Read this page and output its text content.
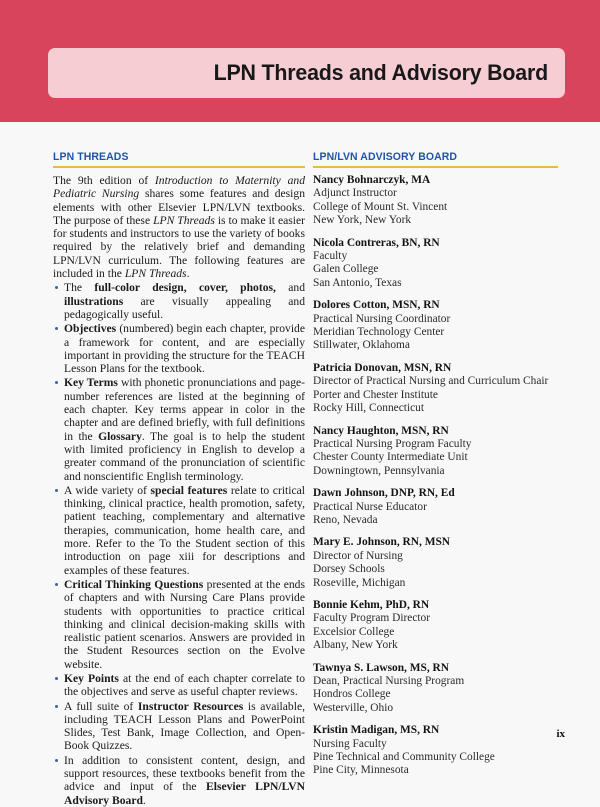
LPN Threads and Advisory Board
LPN THREADS

The 9th edition of Introduction to Maternity and Pediatric Nursing shares some features and design elements with other Elsevier LPN/LVN textbooks. The purpose of these LPN Threads is to make it easier for students and instructors to use the variety of books required by the relatively brief and demanding LPN/LVN curriculum. The following features are included in the LPN Threads.

The full-color design, cover, photos, and illustrations are visually appealing and pedagogically useful.
Objectives (numbered) begin each chapter, provide a framework for content, and are especially important in providing the structure for the TEACH Lesson Plans for the textbook.
Key Terms with phonetic pronunciations and page-number references are listed at the beginning of each chapter. Key terms appear in color in the chapter and are defined briefly, with full definitions in the Glossary. The goal is to help the student with limited proficiency in English to develop a greater command of the pronunciation of scientific and nonscientific English terminology.
A wide variety of special features relate to critical thinking, clinical practice, health promotion, safety, patient teaching, complementary and alternative therapies, communication, home health care, and more. Refer to the To the Student section of this introduction on page xiii for descriptions and examples of these features.
Critical Thinking Questions presented at the ends of chapters and with Nursing Care Plans provide students with opportunities to practice critical thinking and clinical decision-making skills with realistic patient scenarios. Answers are provided in the Student Resources section on the Evolve website.
Key Points at the end of each chapter correlate to the objectives and serve as useful chapter reviews.
A full suite of Instructor Resources is available, including TEACH Lesson Plans and PowerPoint Slides, Test Bank, Image Collection, and Open-Book Quizzes.
In addition to consistent content, design, and support resources, these textbooks benefit from the advice and input of the Elsevier LPN/LVN Advisory Board.
LPN/LVN ADVISORY BOARD
Nancy Bohnarczyk, MA
Adjunct Instructor
College of Mount St. Vincent
New York, New York
Nicola Contreras, BN, RN
Faculty
Galen College
San Antonio, Texas
Dolores Cotton, MSN, RN
Practical Nursing Coordinator
Meridian Technology Center
Stillwater, Oklahoma
Patricia Donovan, MSN, RN
Director of Practical Nursing and Curriculum Chair
Porter and Chester Institute
Rocky Hill, Connecticut
Nancy Haughton, MSN, RN
Practical Nursing Program Faculty
Chester County Intermediate Unit
Downingtown, Pennsylvania
Dawn Johnson, DNP, RN, Ed
Practical Nurse Educator
Reno, Nevada
Mary E. Johnson, RN, MSN
Director of Nursing
Dorsey Schools
Roseville, Michigan
Bonnie Kehm, PhD, RN
Faculty Program Director
Excelsior College
Albany, New York
Tawnya S. Lawson, MS, RN
Dean, Practical Nursing Program
Hondros College
Westerville, Ohio
Kristin Madigan, MS, RN
Nursing Faculty
Pine Technical and Community College
Pine City, Minnesota
ix
